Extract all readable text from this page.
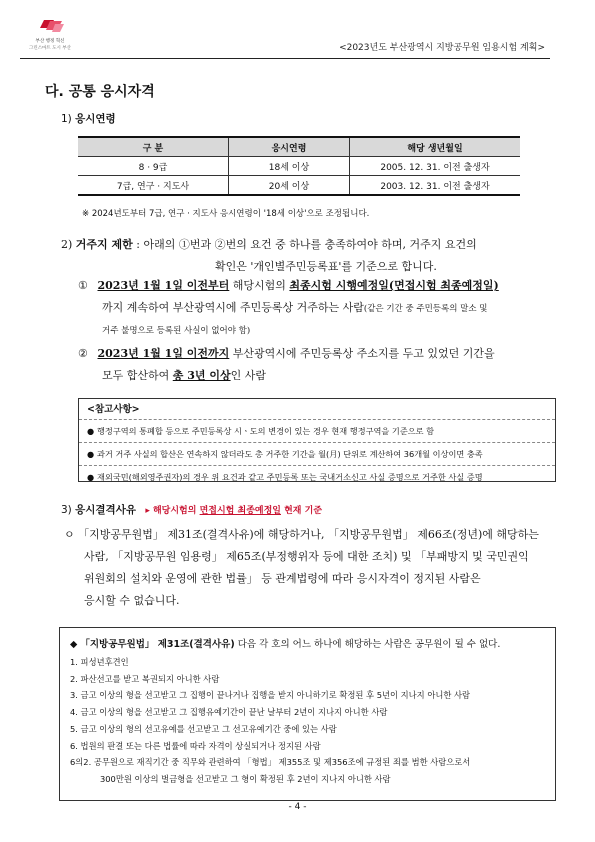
부산 행정 혁신
그린스마트 도시 부산	<2023년도 부산광역시 지방공무원 임용시험 계획>
다. 공통 응시자격
1) 응시연령
구 분	응시연령	해당 생년월일
8 · 9급	18세 이상	2005. 12. 31. 이전 출생자
7급, 연구 · 지도사	20세 이상	2003. 12. 31. 이전 출생자
※ 2024년도부터 7급, 연구 · 지도사 응시연령이 '18세 이상'으로 조정됩니다.
2) 거주지 제한 : 아래의 ①번과 ②번의 요건 중 하나를 충족하여야 하며, 거주지 요건의
확인은 '개인별주민등록표'를 기준으로 합니다.
① 2023년 1월 1일 이전부터 해당시험의 최종시험 시행예정일(면접시험 최종예정일)
까지 계속하여 부산광역시에 주민등록상 거주하는 사람(같은 기간 중 주민등록의 말소 및
거주 불명으로 등록된 사실이 없어야 함)
② 2023년 1월 1일 이전까지 부산광역시에 주민등록상 주소지를 두고 있었던 기간을
모두 합산하여 총 3년 이상인 사람
<참고사항>
● 행정구역의 통폐합 등으로 주민등록상 시ㆍ도의 변경이 있는 경우 현재 행정구역을 기준으로 함
● 과거 거주 사실의 합산은 연속하지 않더라도 총 거주한 기간을 월(月) 단위로 계산하여 36개월 이상이면 충족
● 재외국민(해외영주권자)의 경우 위 요건과 같고 주민등록 또는 국내거소신고 사실 증명으로 거주한 사실 증명
3) 응시결격사유 ▸ 해당시험의 면접시험 최종예정일 현재 기준
ㅇ 「지방공무원법」 제31조(결격사유)에 해당하거나, 「지방공무원법」 제66조(정년)에 해당하는
사람, 「지방공무원 임용령」 제65조(부정행위자 등에 대한 조치) 및 「부패방지 및 국민권익
위원회의 설치와 운영에 관한 법률」 등 관계법령에 따라 응시자격이 정지된 사람은
응시할 수 없습니다.
◆ 「지방공무원법」 제31조(결격사유) 다음 각 호의 어느 하나에 해당하는 사람은 공무원이 될 수 없다.
1. 피성년후견인
2. 파산선고를 받고 복권되지 아니한 사람
3. 금고 이상의 형을 선고받고 그 집행이 끝나거나 집행을 받지 아니하기로 확정된 후 5년이 지나지 아니한 사람
4. 금고 이상의 형을 선고받고 그 집행유예기간이 끝난 날부터 2년이 지나지 아니한 사람
5. 금고 이상의 형의 선고유예를 선고받고 그 선고유예기간 중에 있는 사람
6. 법원의 판결 또는 다른 법률에 따라 자격이 상실되거나 정지된 사람
6의2. 공무원으로 재직기간 중 직무와 관련하여 「형법」 제355조 및 제356조에 규정된 죄를 범한 사람으로서
300만원 이상의 벌금형을 선고받고 그 형이 확정된 후 2년이 지나지 아니한 사람
- 4 -
